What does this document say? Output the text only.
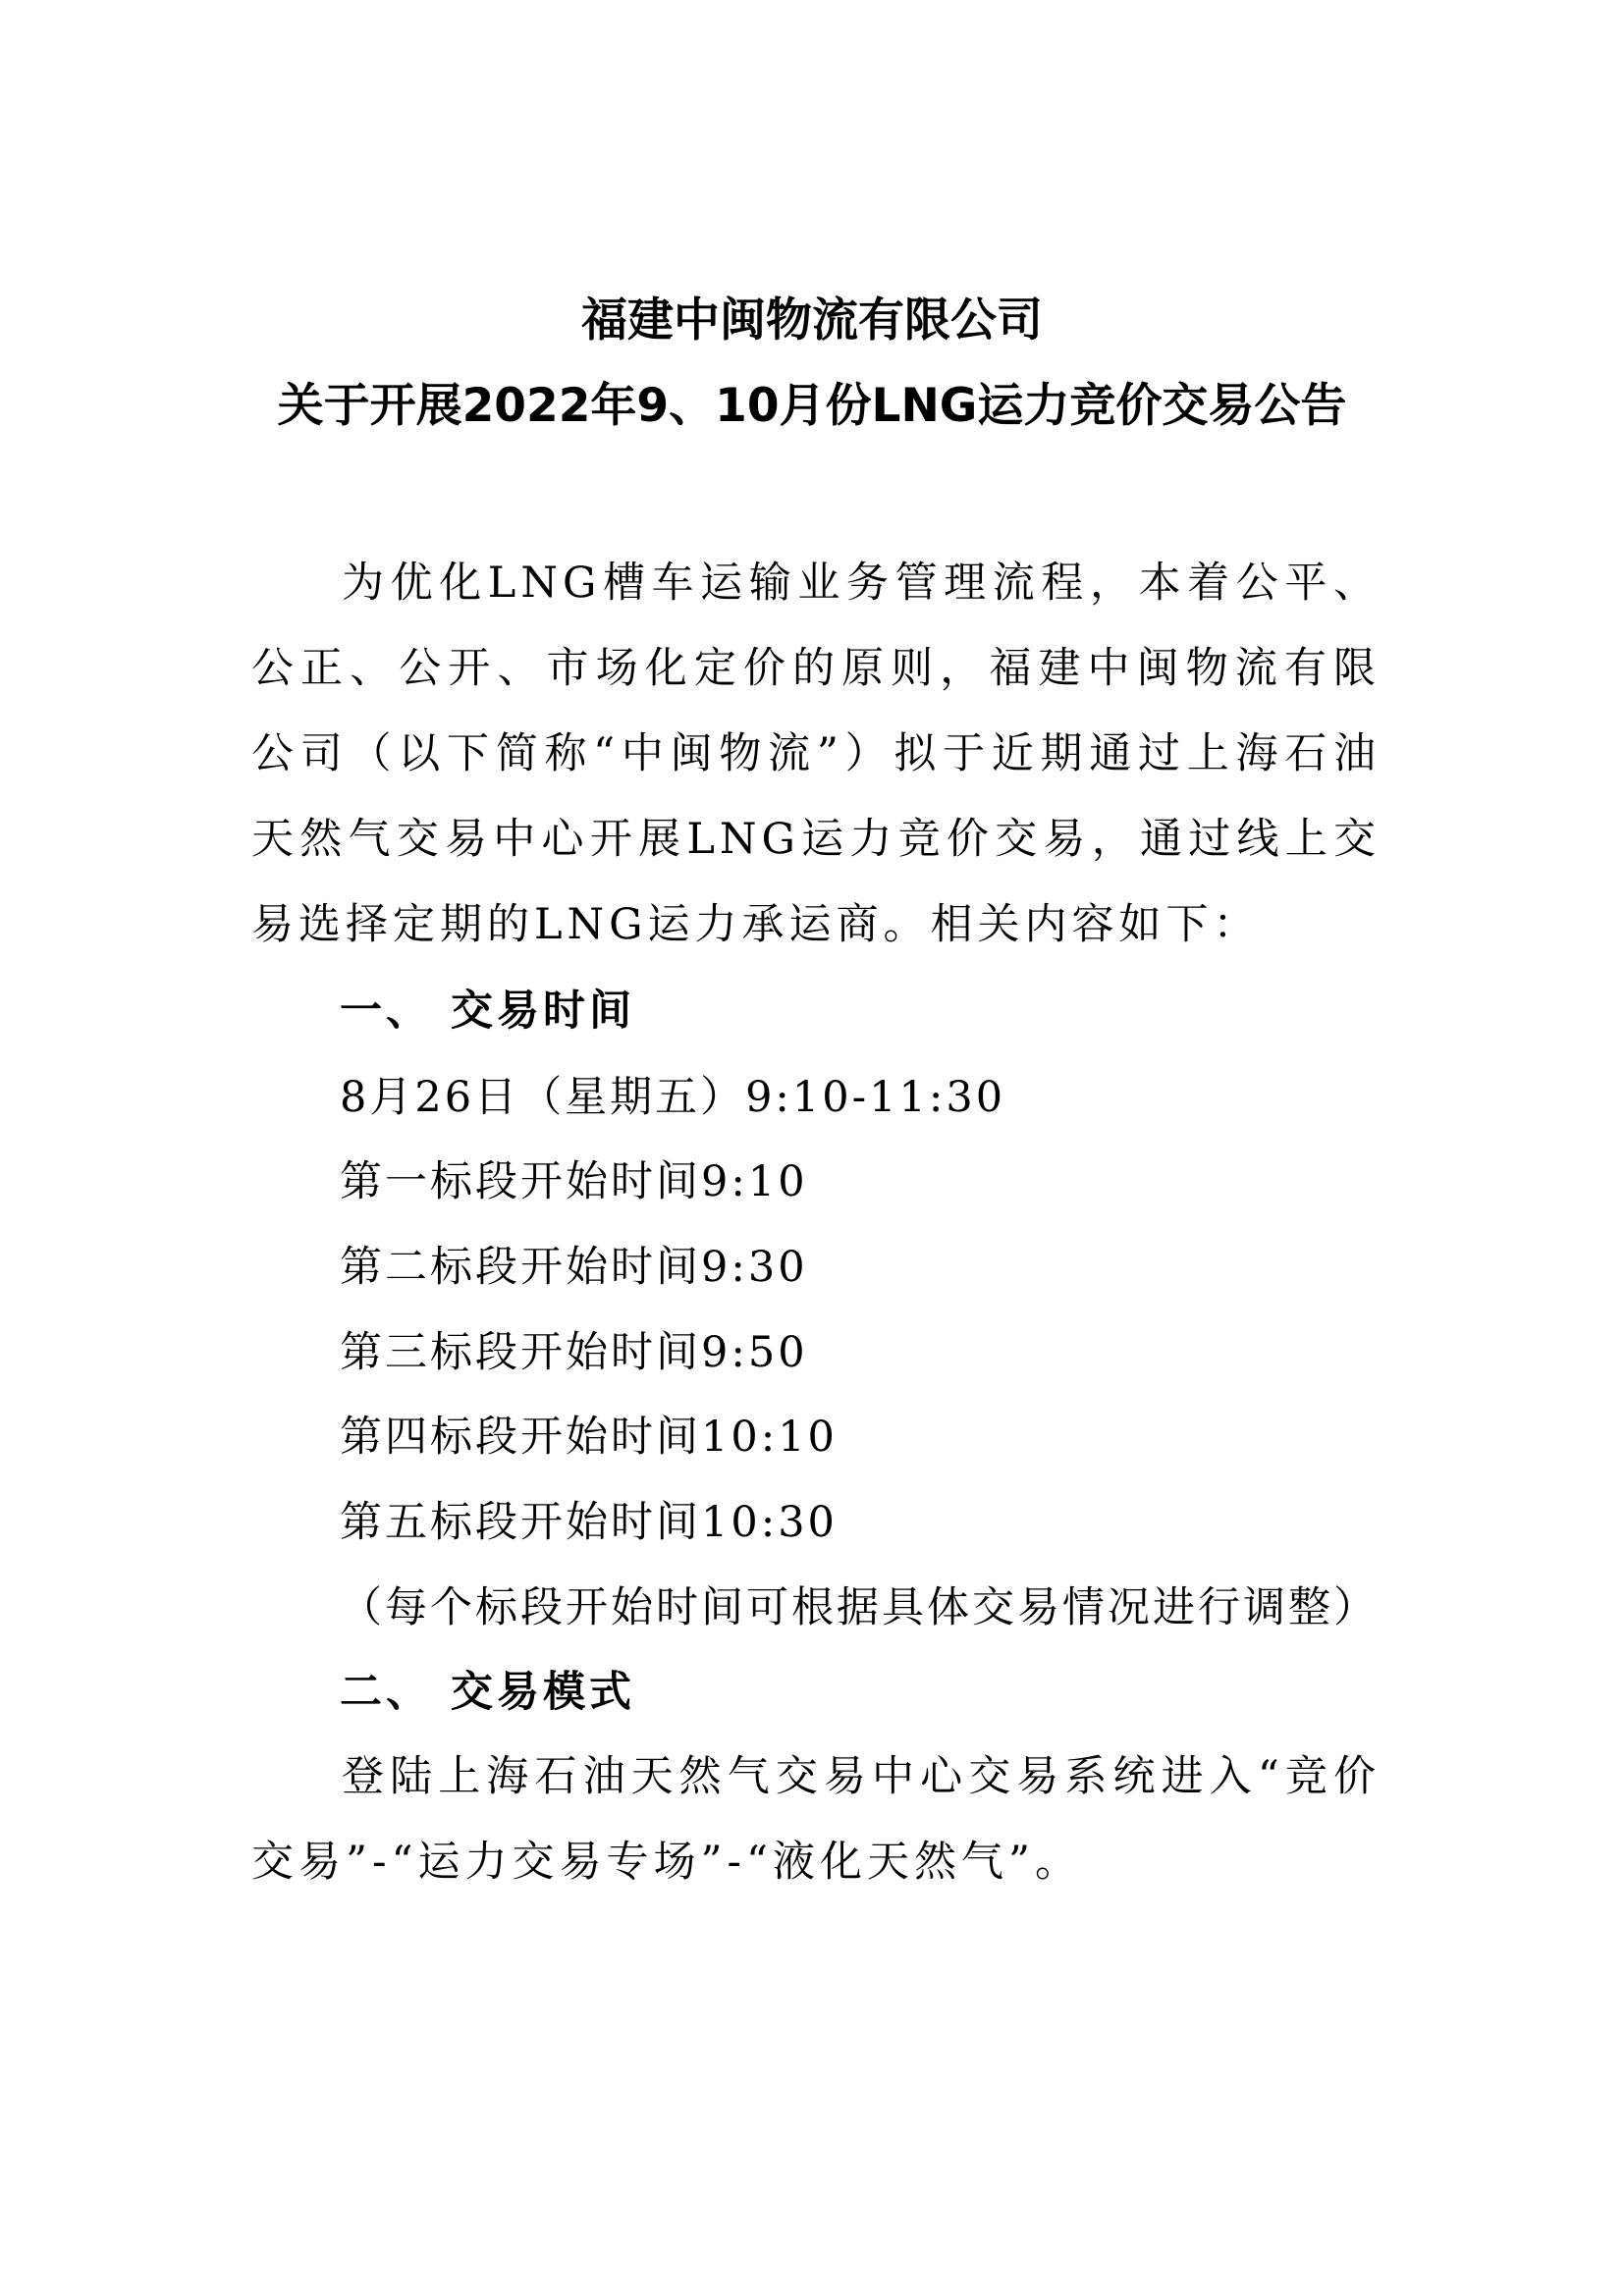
福建中闽物流有限公司
关于开展2022年9、10月份LNG运力竞价交易公告

为优化LNG槽车运输业务管理流程，本着公平、公正、公开、市场化定价的原则，福建中闽物流有限公司（以下简称“中闽物流”）拟于近期通过上海石油天然气交易中心开展LNG运力竞价交易，通过线上交易选择定期的LNG运力承运商。相关内容如下：

一、 交易时间

8月26日（星期五）9:10-11:30

第一标段开始时间9:10

第二标段开始时间9:30

第三标段开始时间9:50

第四标段开始时间10:10

第五标段开始时间10:30

（每个标段开始时间可根据具体交易情况进行调整）

二、 交易模式

登陆上海石油天然气交易中心交易系统进入“竞价交易”-“运力交易专场”-“液化天然气”。
